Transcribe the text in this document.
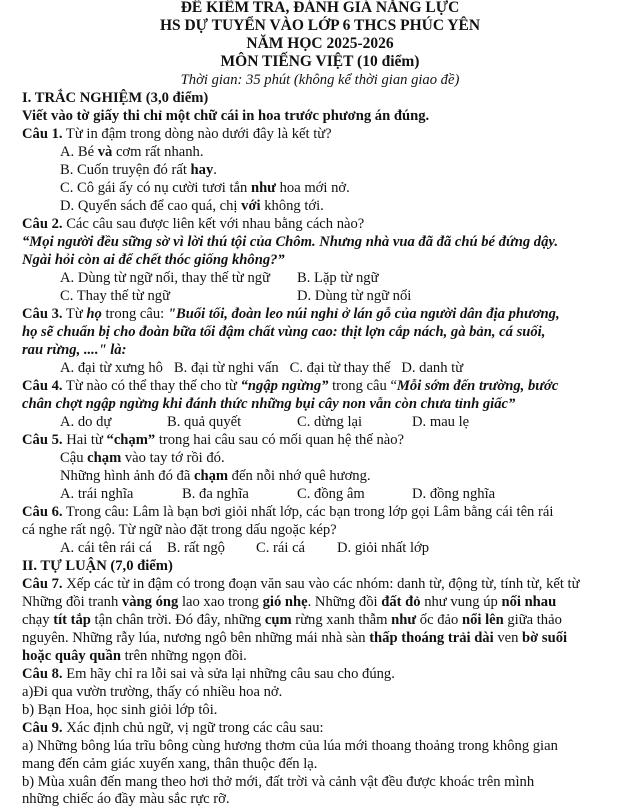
ĐỀ KIỂM TRA, ĐÁNH GIÁ NĂNG LỰC
HS DỰ TUYỂN VÀO LỚP 6 THCS PHÚC YÊN
NĂM HỌC 2025-2026
MÔN TIẾNG VIỆT (10 điểm)
Thời gian: 35 phút (không kể thời gian giao đề)
I. TRẮC NGHIỆM (3,0 điểm)
Viết vào tờ giấy thi chỉ một chữ cái in hoa trước phương án đúng.
Câu 1. Từ in đậm trong dòng nào dưới đây là kết từ?
A. Bé và cơm rất nhanh.
B. Cuốn truyện đó rất hay.
C. Cô gái ấy có nụ cười tươi tắn như hoa mới nở.
D. Quyển sách để cao quá, chị với không tới.
Câu 2. Các câu sau được liên kết với nhau bằng cách nào?
“Mọi người đều sững sờ vì lời thú tội của Chôm. Nhưng nhà vua đã đã chú bé đứng dậy.
Ngài hỏi còn ai để chết thóc giống không?”
A. Dùng từ ngữ nối, thay thế từ ngữ B. Lặp từ ngữ
C. Thay thế từ ngữ	D. Dùng từ ngữ nối
Câu 3. Từ họ trong câu: "Buổi tối, đoàn leo núi nghỉ ở lán gỗ của người dân địa phương,
họ sẽ chuẩn bị cho đoàn bữa tối đậm chất vùng cao: thịt lợn cắp nách, gà bản, cá suối,
rau rừng, ...." là:
A. đại từ xưng hô   B. đại từ nghi vấn   C. đại từ thay thế   D. danh từ
Câu 4. Từ nào có thể thay thế cho từ “ngập ngừng” trong câu “Mỗi sớm đến trường, bước
chân chợt ngập ngừng khi đánh thức những bụi cây non vẫn còn chưa tỉnh giấc”
A. do dự	B. quả quyết	C. dừng lại	D. mau lẹ
Câu 5. Hai từ “chạm” trong hai câu sau có mối quan hệ thế nào?
Cậu chạm vào tay tớ rồi đó.
Những hình ảnh đó đã chạm đến nỗi nhớ quê hương.
A. trái nghĩa	B. đa nghĩa	C. đồng âm	D. đồng nghĩa
Câu 6. Trong câu: Lâm là bạn bơi giỏi nhất lớp, các bạn trong lớp gọi Lâm bằng cái tên rái
cá nghe rất ngộ. Từ ngữ nào đặt trong dấu ngoặc kép?
A. cái tên rái cá B. rất ngộ C. rái cá D. giỏi nhất lớp
II. TỰ LUẬN (7,0 điểm)
Câu 7. Xếp các từ in đậm có trong đoạn văn sau vào các nhóm: danh từ, động từ, tính từ, kết từ
Những đồi tranh vàng óng lao xao trong gió nhẹ. Những đồi đất đỏ như vung úp nối nhau
chạy tít tắp tận chân trời. Đó đây, những cụm rừng xanh thẫm như ốc đảo nổi lên giữa thảo
nguyên. Những rẫy lúa, nương ngô bên những mái nhà sàn thấp thoáng trải dài ven bờ suối
hoặc quây quần trên những ngọn đồi.
Câu 8. Em hãy chỉ ra lỗi sai và sửa lại những câu sau cho đúng.
a)Đi qua vườn trường, thấy có nhiều hoa nở.
b) Bạn Hoa, học sinh giỏi lớp tôi.
Câu 9. Xác định chủ ngữ, vị ngữ trong các câu sau:
a) Những bông lúa trĩu bông cùng hương thơm của lúa mới thoang thoảng trong không gian
mang đến cảm giác xuyến xang, thân thuộc đến lạ.
b) Mùa xuân đến mang theo hơi thở mới, đất trời và cảnh vật đều được khoác trên mình
những chiếc áo đầy màu sắc rực rỡ.
